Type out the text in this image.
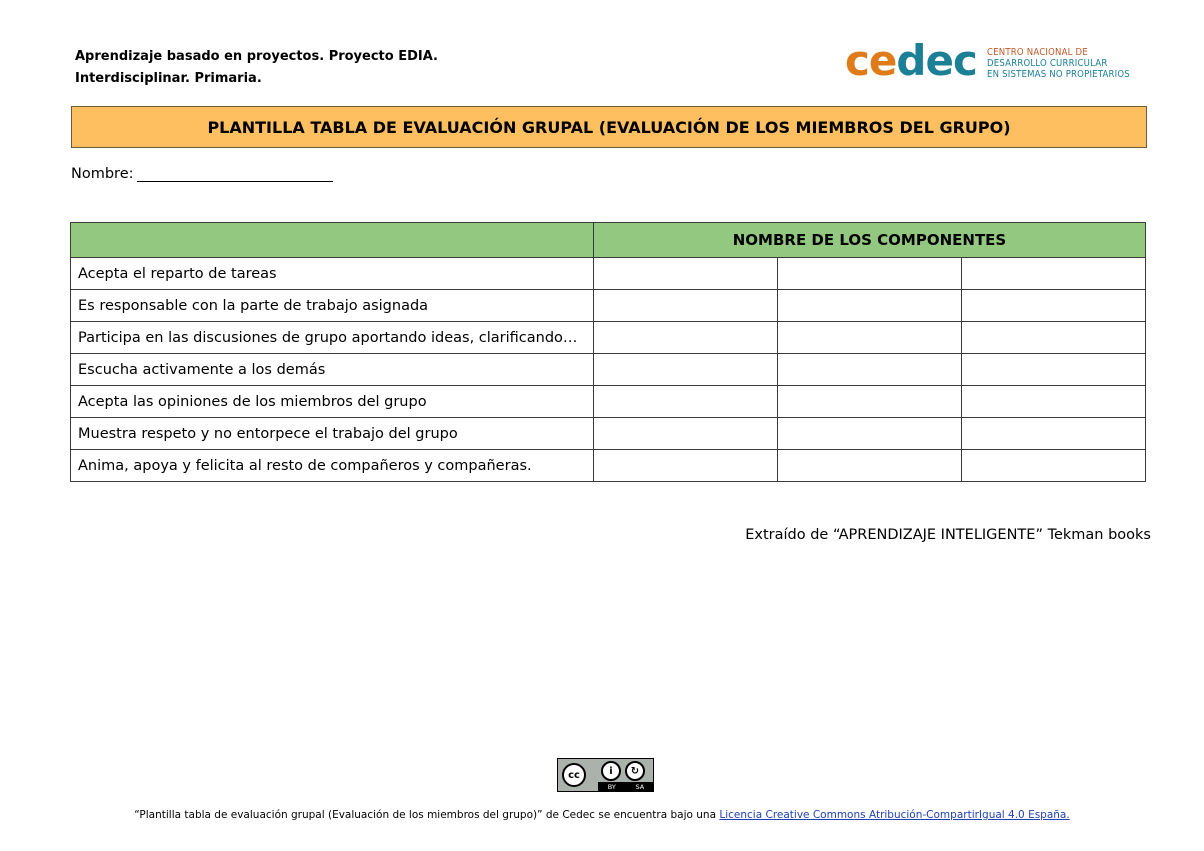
Aprendizaje basado en proyectos. Proyecto EDIA.
Interdisciplinar. Primaria.	cedec CENTRO NACIONAL DE
DESARROLLO CURRICULAR
EN SISTEMAS NO PROPIETARIOS
PLANTILLA TABLA DE EVALUACIÓN GRUPAL (EVALUACIÓN DE LOS MIEMBROS DEL GRUPO)
Nombre:
	NOMBRE DE LOS COMPONENTES		
Acepta el reparto de tareas			
Es responsable con la parte de trabajo asignada			
Participa en las discusiones de grupo aportando ideas, clarificando…			
Escucha activamente a los demás			
Acepta las opiniones de los miembros del grupo			
Muestra respeto y no entorpece el trabajo del grupo			
Anima, apoya y felicita al resto de compañeros y compañeras.			
Extraído de “APRENDIZAJE INTELIGENTE” Tekman books
cc	i	↻
BY	SA
“Plantilla tabla de evaluación grupal (Evaluación de los miembros del grupo)” de Cedec se encuentra bajo una Licencia Creative Commons Atribución-CompartirIgual 4.0 España.
